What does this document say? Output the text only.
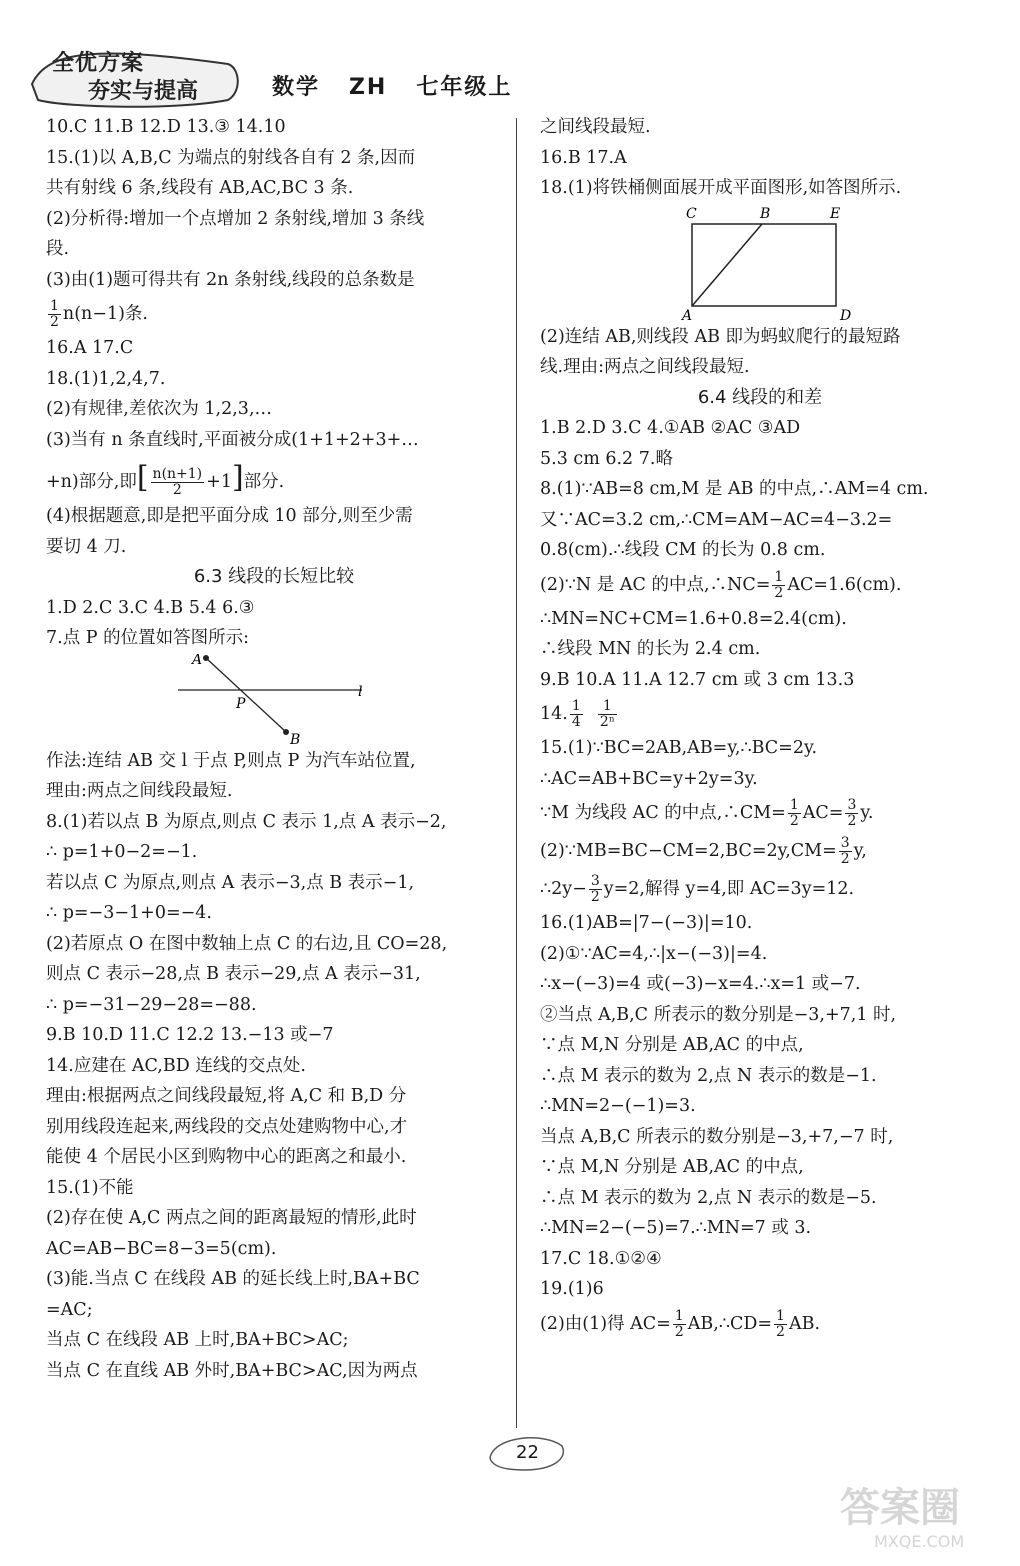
全优方案
夯实与提高	数学   ZH   七年级上
10.C 11.B 12.D 13.③ 14.10
15.(1)以 A,B,C 为端点的射线各自有 2 条,因而
共有射线 6 条,线段有 AB,AC,BC 3 条.
(2)分析得:增加一个点增加 2 条射线,增加 3 条线
段.
(3)由(1)题可得共有 2n 条射线,线段的总条数是
$\frac{1}{2} n(n-1)$条.
16.A 17.C
18.(1)1,2,4,7.
(2)有规律,差依次为 1,2,3,…
(3)当有 n 条直线时,平面被分成(1+1+2+3+…
+n)部分,即[ $\frac{n(n+1)}{2} +1$]部分.
(4)根据题意,即是把平面分成 10 部分,则至少需
要切 4 刀.
6.3 线段的长短比较
1.D 2.C 3.C 4.B 5.4 6.③
7.点 P 的位置如答图所示:
A
P
B
l
作法:连结 AB 交 l 于点 P,则点 P 为汽车站位置,
理由:两点之间线段最短.
8.(1)若以点 B 为原点,则点 C 表示 1,点 A 表示−2,
∴ p=1+0−2=−1.
若以点 C 为原点,则点 A 表示−3,点 B 表示−1,
∴ p=−3−1+0=−4.
(2)若原点 O 在图中数轴上点 C 的右边,且 CO=28,
则点 C 表示−28,点 B 表示−29,点 A 表示−31,
∴ p=−31−29−28=−88.
9.B 10.D 11.C 12.2 13.−13 或−7
14.应建在 AC,BD 连线的交点处.
理由:根据两点之间线段最短,将 A,C 和 B,D 分
别用线段连起来,两线段的交点处建购物中心,才
能使 4 个居民小区到购物中心的距离之和最小.
15.(1)不能
(2)存在使 A,C 两点之间的距离最短的情形,此时
AC=AB−BC=8−3=5(cm).
(3)能.当点 C 在线段 AB 的延长线上时,BA+BC
=AC;
当点 C 在线段 AB 上时,BA+BC>AC;
当点 C 在直线 AB 外时,BA+BC>AC,因为两点
之间线段最短.
16.B 17.A
18.(1)将铁桶侧面展开成平面图形,如答图所示.
C	B	E
A	D
(2)连结 AB,则线段 AB 即为蚂蚁爬行的最短路
线.理由:两点之间线段最短.
6.4 线段的和差
1.B 2.D 3.C 4.①AB ②AC ③AD
5.3 cm 6.2 7.略
8.(1)∵AB=8 cm,M 是 AB 的中点,∴AM=4 cm.
又∵AC=3.2 cm,∴CM=AM−AC=4−3.2=
0.8(cm).∴线段 CM 的长为 0.8 cm.
(2)∵N 是 AC 的中点,∴NC= $\frac{1}{2} AC=1.6(cm)$.
∴MN=NC+CM=1.6+0.8=2.4(cm).
∴线段 MN 的长为 2.4 cm.
9.B 10.A 11.A 12.7 cm 或 3 cm 13.3
14. $\frac{1}{4}$
$\frac{1}{\text{2ⁿ}}$
15.(1)∵BC=2AB,AB=y,∴BC=2y.
∴AC=AB+BC=y+2y=3y.
∵M 为线段 AC 的中点,∴CM= $\frac{1}{2} AC= \frac{3}{2} y$.
(2)∵MB=BC−CM=2,BC=2y,CM= $\frac{3}{2} y$,
∴2y− $\frac{3}{2} y=2$,解得 y=4,即 AC=3y=12.
16.(1)AB=|7−(−3)|=10.
(2)①∵AC=4,∴|x−(−3)|=4.
∴x−(−3)=4 或(−3)−x=4.∴x=1 或−7.
②当点 A,B,C 所表示的数分别是−3,+7,1 时,
∵点 M,N 分别是 AB,AC 的中点,
∴点 M 表示的数为 2,点 N 表示的数是−1.
∴MN=2−(−1)=3.
当点 A,B,C 所表示的数分别是−3,+7,−7 时,
∵点 M,N 分别是 AB,AC 的中点,
∴点 M 表示的数为 2,点 N 表示的数是−5.
∴MN=2−(−5)=7.∴MN=7 或 3.
17.C 18.①②④
19.(1)6
(2)由(1)得 $AC= \frac{1}{2}$ AB,∴CD= $\frac{1}{2}$ AB.
22
答案圈
MXQE.COM
